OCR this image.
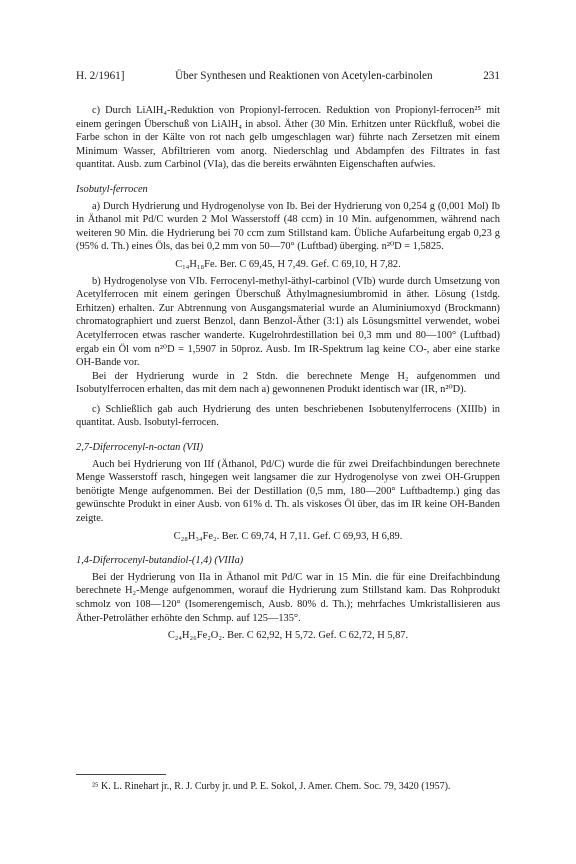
H. 2/1961]	Über Synthesen und Reaktionen von Acetylen-carbinolen	231

c) Durch LiAlH₄-Reduktion von Propionyl-ferrocen. Reduktion von Propionyl-ferrocen²⁵ mit einem geringen Überschuß von LiAlH₄ in absol. Äther (30 Min. Erhitzen unter Rückfluß, wobei die Farbe schon in der Kälte von rot nach gelb umgeschlagen war) führte nach Zersetzen mit einem Minimum Wasser, Abfiltrieren vom anorg. Niederschlag und Abdampfen des Filtrates in fast quantitat. Ausb. zum Carbinol (VIa), das die bereits erwähnten Eigenschaften aufwies.

Isobutyl-ferrocen

a) Durch Hydrierung und Hydrogenolyse von Ib. Bei der Hydrierung von 0,254 g (0,001 Mol) Ib in Äthanol mit Pd/C wurden 2 Mol Wasserstoff (48 ccm) in 10 Min. aufgenommen, während nach weiteren 90 Min. die Hydrierung bei 70 ccm zum Stillstand kam. Übliche Aufarbeitung ergab 0,23 g (95% d. Th.) eines Öls, das bei 0,2 mm von 50—70° (Luftbad) überging. n²⁰D = 1,5825.

C₁₄H₁₈Fe. Ber. C 69,45, H 7,49. Gef. C 69,10, H 7,82.

b) Hydrogenolyse von VIb. Ferrocenyl-methyl-äthyl-carbinol (VIb) wurde durch Umsetzung von Acetylferrocen mit einem geringen Überschuß Äthylmagnesiumbromid in äther. Lösung (1stdg. Erhitzen) erhalten. Zur Abtrennung von Ausgangsmaterial wurde an Aluminiumoxyd (Brockmann) chromatographiert und zuerst Benzol, dann Benzol-Äther (3:1) als Lösungsmittel verwendet, wobei Acetylferrocen etwas rascher wanderte. Kugelrohrdestillation bei 0,3 mm und 80—100° (Luftbad) ergab ein Öl vom n²⁰D = 1,5907 in 50proz. Ausb. Im IR-Spektrum lag keine CO-, aber eine starke OH-Bande vor.

Bei der Hydrierung wurde in 2 Stdn. die berechnete Menge H₂ aufgenommen und Isobutylferrocen erhalten, das mit dem nach a) gewonnenen Produkt identisch war (IR, n²⁰D).

c) Schließlich gab auch Hydrierung des unten beschriebenen Isobutenylferrocens (XIIIb) in quantitat. Ausb. Isobutyl-ferrocen.

2,7-Diferrocenyl-n-octan (VII)

Auch bei Hydrierung von IIf (Äthanol, Pd/C) wurde die für zwei Dreifachbindungen berechnete Menge Wasserstoff rasch, hingegen weit langsamer die zur Hydrogenolyse von zwei OH-Gruppen benötigte Menge aufgenommen. Bei der Destillation (0,5 mm, 180—200° Luftbadtemp.) ging das gewünschte Produkt in einer Ausb. von 61% d. Th. als viskoses Öl über, das im IR keine OH-Banden zeigte.

C₂₈H₃₄Fe₂. Ber. C 69,74, H 7,11. Gef. C 69,93, H 6,89.
1,4-Diferrocenyl-butandiol-(1,4) (VIIIa)

Bei der Hydrierung von IIa in Äthanol mit Pd/C war in 15 Min. die für eine Dreifachbindung berechnete H₂-Menge aufgenommen, worauf die Hydrierung zum Stillstand kam. Das Rohprodukt schmolz von 108—120° (Isomerengemisch, Ausb. 80% d. Th.); mehrfaches Umkristallisieren aus Äther-Petroläther erhöhte den Schmp. auf 125—135°.

C₂₄H₂₆Fe₂O₂. Ber. C 62,92, H 5,72. Gef. C 62,72, H 5,87.
²⁵ K. L. Rinehart jr., R. J. Curby jr. und P. E. Sokol, J. Amer. Chem. Soc. 79, 3420 (1957).
